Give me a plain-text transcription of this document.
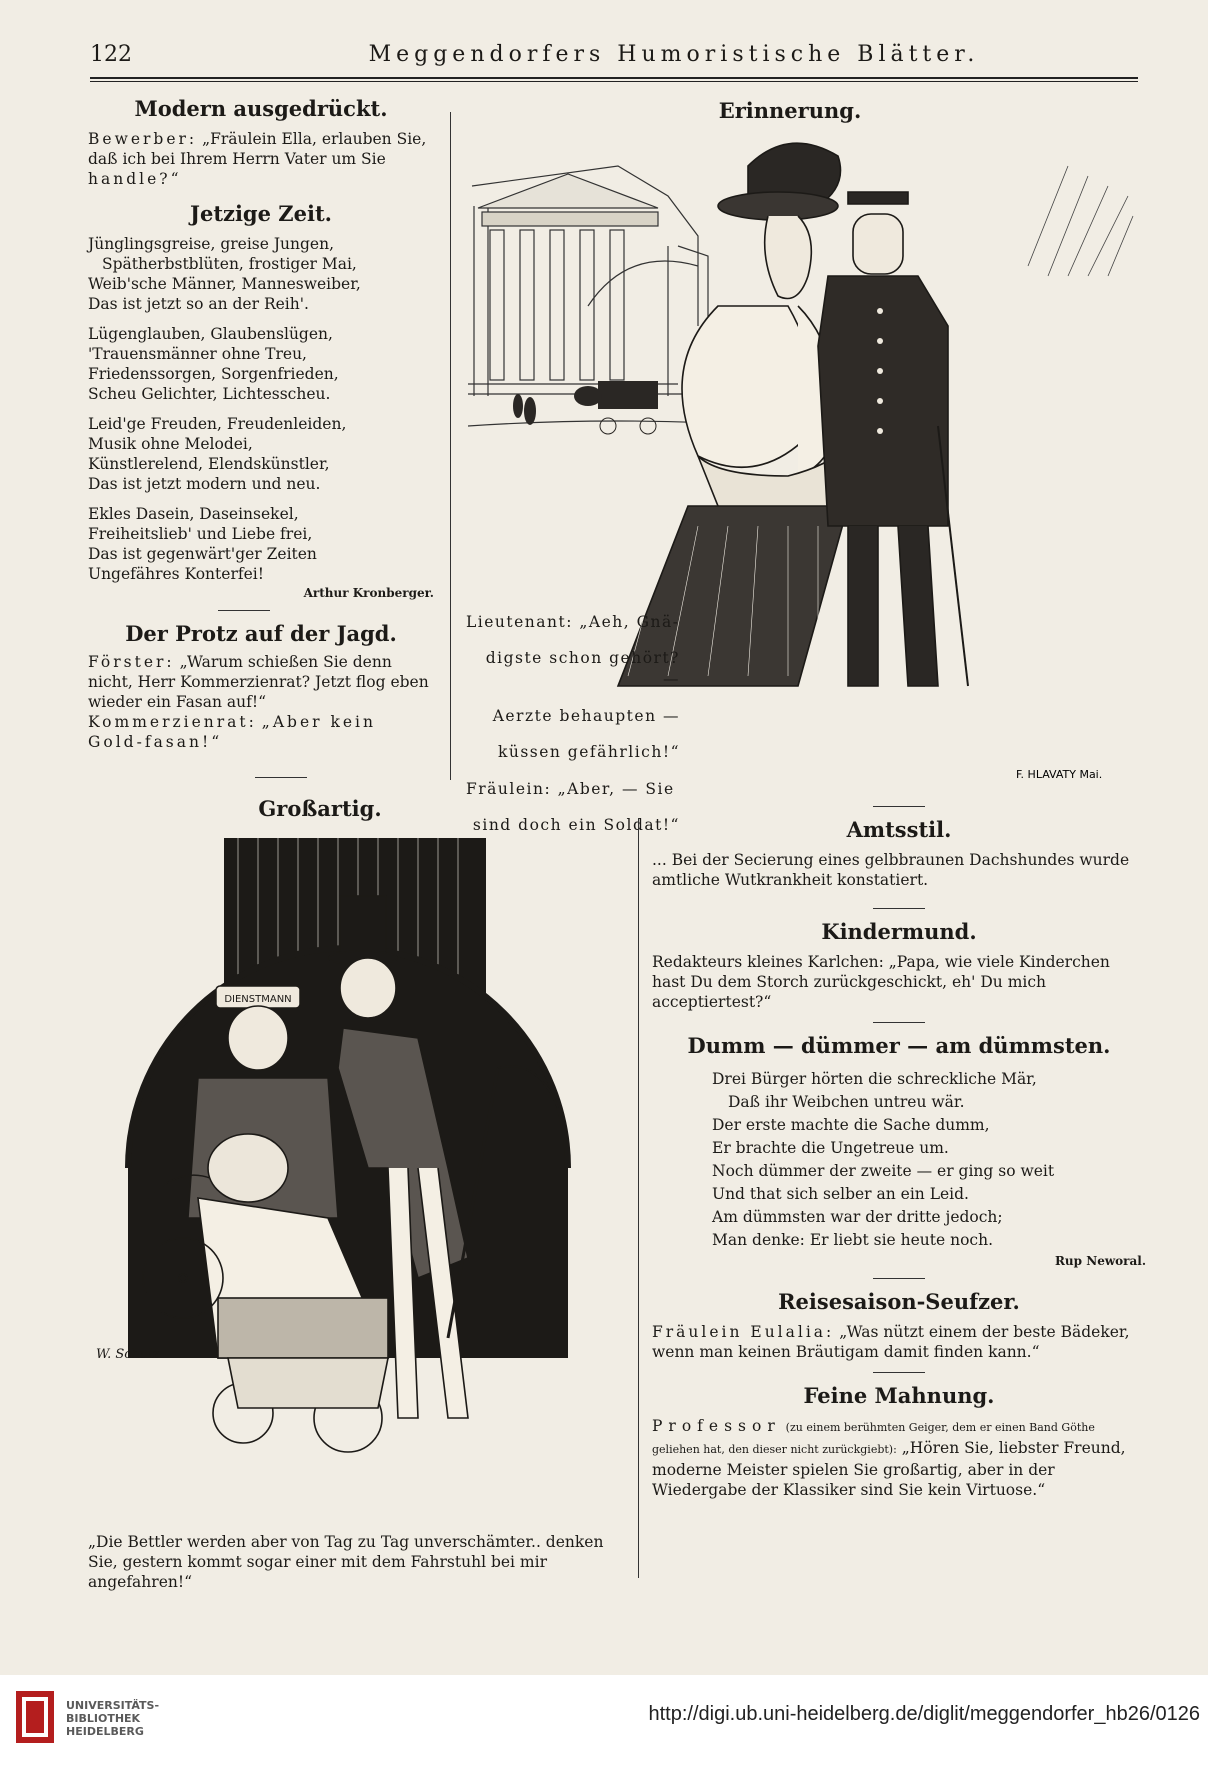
122	Meggendorfers Humoristische Blätter.
Modern ausgedrückt.

Bewerber: „Fräulein Ella, erlauben Sie, daß ich bei Ihrem Herrn Vater um Sie handle?“

Jetzige Zeit.

Jünglingsgreise, greise Jungen,

Spätherbstblüten, frostiger Mai,

Weib'sche Männer, Mannesweiber,

Das ist jetzt so an der Reih'.

Lügenglauben, Glaubenslügen,

'Trauensmänner ohne Treu,

Friedenssorgen, Sorgenfrieden,

Scheu Gelichter, Lichtesscheu.

Leid'ge Freuden, Freudenleiden,

Musik ohne Melodei,

Künstlerelend, Elendskünstler,

Das ist jetzt modern und neu.

Ekles Dasein, Daseinsekel,

Freiheitslieb' und Liebe frei,

Das ist gegenwärt'ger Zeiten

Ungefähres Konterfei!

Arthur Kronberger.

Der Protz auf der Jagd.

Förster: „Warum schießen Sie denn nicht, Herr Kommerzienrat? Jetzt flog eben wieder ein Fasan auf!“

Kommerzienrat: „Aber kein Gold-fasan!“

Erinnerung.
F. HLAVATY Mai.

Lieutenant: „Aeh, Gnä-

digste schon gehört? —

Aerzte behaupten —

küssen gefährlich!“

Fräulein: „Aber, — Sie

sind doch ein Soldat!“

Großartig.
DIENSTMANN
W. Schulz

„Die Bettler werden aber von Tag zu Tag unverschämter.. denken Sie, gestern kommt sogar einer mit dem Fahrstuhl bei mir angefahren!“

Amtsstil.

... Bei der Secierung eines gelbbraunen Dachshundes wurde amtliche Wutkrankheit konstatiert.

Kindermund.

Redakteurs kleines Karlchen: „Papa, wie viele Kinderchen hast Du dem Storch zurückgeschickt, eh' Du mich acceptiertest?“

Dumm — dümmer — am dümmsten.

Drei Bürger hörten die schreckliche Mär,

Daß ihr Weibchen untreu wär.

Der erste machte die Sache dumm,

Er brachte die Ungetreue um.

Noch dümmer der zweite — er ging so weit

Und that sich selber an ein Leid.

Am dümmsten war der dritte jedoch;

Man denke: Er liebt sie heute noch.

Rup Neworal.

Reisesaison-Seufzer.

Fräulein Eulalia: „Was nützt einem der beste Bädeker, wenn man keinen Bräutigam damit finden kann.“

Feine Mahnung.

Professor (zu einem berühmten Geiger, dem er einen Band Göthe geliehen hat, den dieser nicht zurückgiebt): „Hören Sie, liebster Freund, moderne Meister spielen Sie großartig, aber in der Wiedergabe der Klassiker sind Sie kein Virtuose.“

UNIVERSITÄTS-
BIBLIOTHEK
HEIDELBERG
http://digi.ub.uni-heidelberg.de/diglit/meggendorfer_hb26/0126
